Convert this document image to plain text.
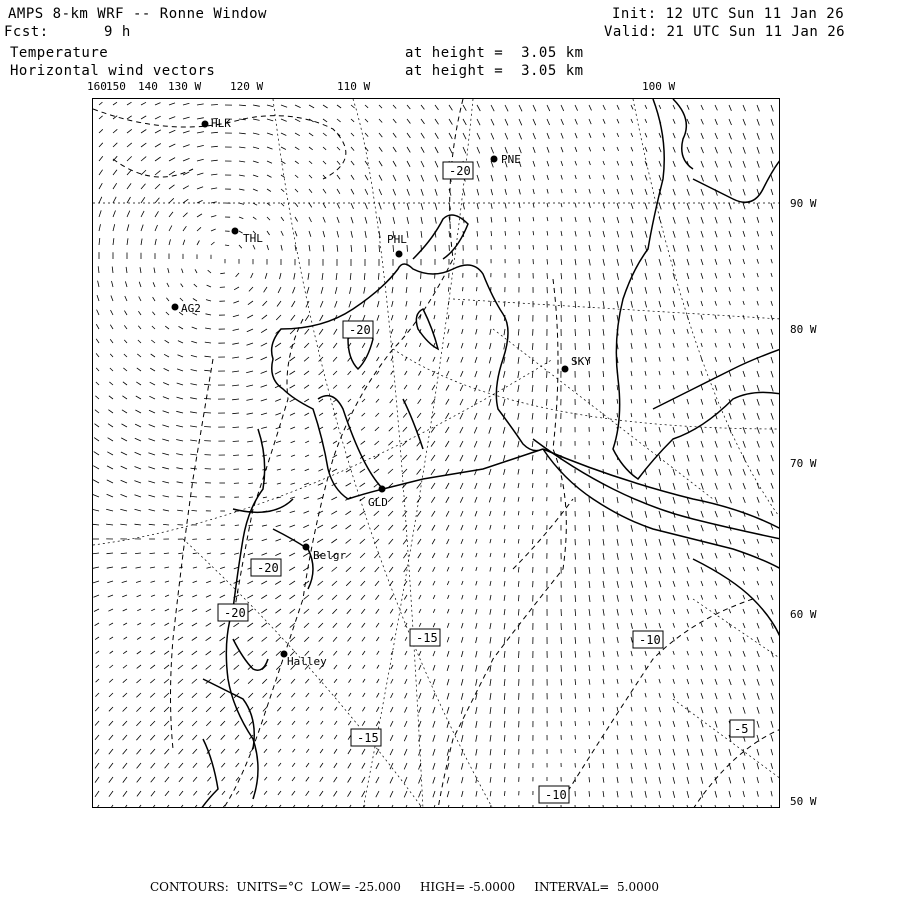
AMPS 8-km WRF -- Ronne Window
Fcst:	9 h
Temperature
Horizontal wind vectors
at height =  3.05 km
at height =  3.05 km
Init: 12 UTC Sun 11 Jan 26
Valid: 21 UTC Sun 11 Jan 26
160 150 140 130 W	120 W	110 W	100 W
90 W
80 W
70 W
60 W
50 W
HLK
PNE
THL	PHL
AG2
SKY
GLD
Belgr
Halley
-20
-20
-20
-20
-15	-10
-15
-10
-5
CONTOURS:  UNITS=°C  LOW= -25.000     HIGH= -5.0000     INTERVAL=  5.0000
